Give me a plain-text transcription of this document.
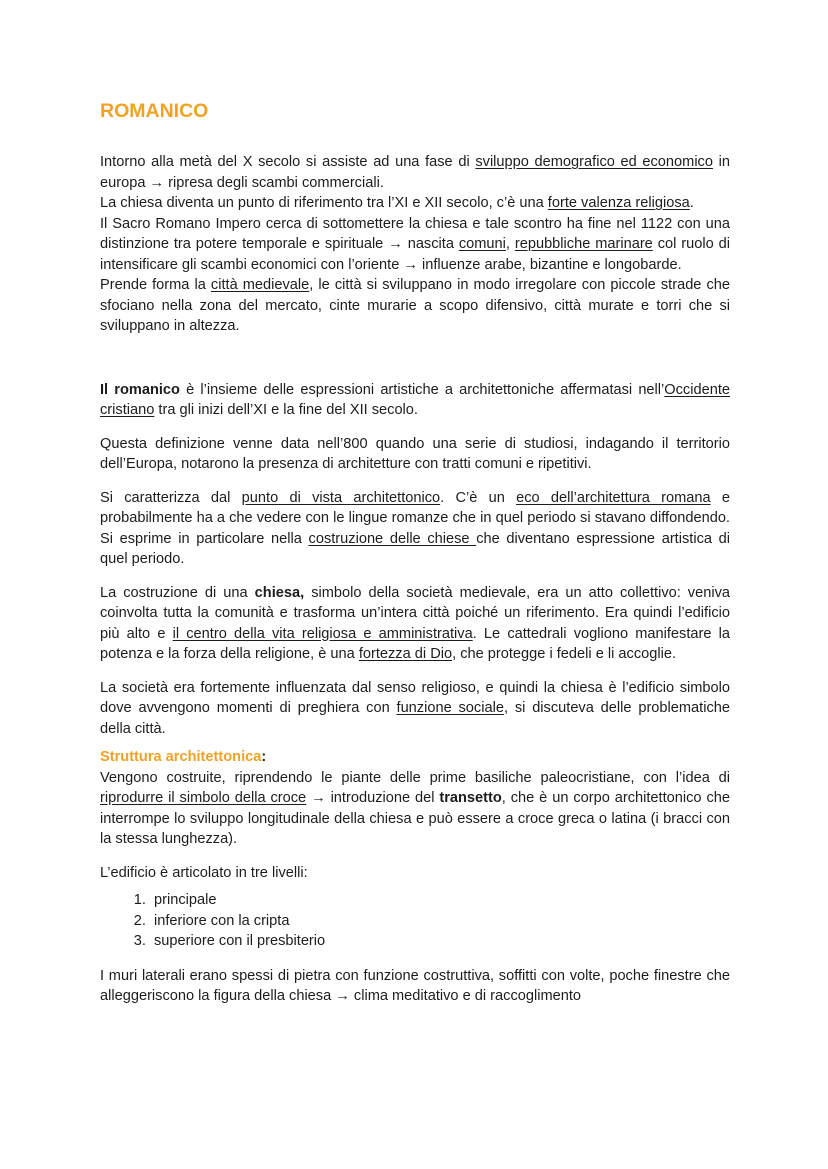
ROMANICO

Intorno alla metà del X secolo si assiste ad una fase di sviluppo demografico ed economico in europa → ripresa degli scambi commerciali.
La chiesa diventa un punto di riferimento tra l’XI e XII secolo, c’è una forte valenza religiosa.
Il Sacro Romano Impero cerca di sottomettere la chiesa e tale scontro ha fine nel 1122 con una distinzione tra potere temporale e spirituale → nascita comuni, repubbliche marinare col ruolo di intensificare gli scambi economici con l’oriente → influenze arabe, bizantine e longobarde.
Prende forma la città medievale, le città si sviluppano in modo irregolare con piccole strade che sfociano nella zona del mercato, cinte murarie a scopo difensivo, città murate e torri che si sviluppano in altezza.

Il romanico è l’insieme delle espressioni artistiche a architettoniche affermatasi nell’Occidente cristiano tra gli inizi dell’XI e la fine del XII secolo.

Questa definizione venne data nell’800 quando una serie di studiosi, indagando il territorio dell’Europa, notarono la presenza di architetture con tratti comuni e ripetitivi.

Si caratterizza dal punto di vista architettonico. C’è un eco dell’architettura romana e probabilmente ha a che vedere con le lingue romanze che in quel periodo si stavano diffondendo. Si esprime in particolare nella costruzione delle chiese che diventano espressione artistica di quel periodo.

La costruzione di una chiesa, simbolo della società medievale, era un atto collettivo: veniva coinvolta tutta la comunità e trasforma un’intera città poiché un riferimento. Era quindi l’edificio più alto e il centro della vita religiosa e amministrativa. Le cattedrali vogliono manifestare la potenza e la forza della religione, è una fortezza di Dio, che protegge i fedeli e li accoglie.

La società era fortemente influenzata dal senso religioso, e quindi la chiesa è l’edificio simbolo dove avvengono momenti di preghiera con funzione sociale, si discuteva delle problematiche della città.

Struttura architettonica:
Vengono costruite, riprendendo le piante delle prime basiliche paleocristiane, con l’idea di riprodurre il simbolo della croce → introduzione del transetto, che è un corpo architettonico che interrompe lo sviluppo longitudinale della chiesa e può essere a croce greca o latina (i bracci con la stessa lunghezza).

L’edificio è articolato in tre livelli:

1. principale
2. inferiore con la cripta
3. superiore con il presbiterio

I muri laterali erano spessi di pietra con funzione costruttiva, soffitti con volte, poche finestre che alleggeriscono la figura della chiesa → clima meditativo e di raccoglimento
